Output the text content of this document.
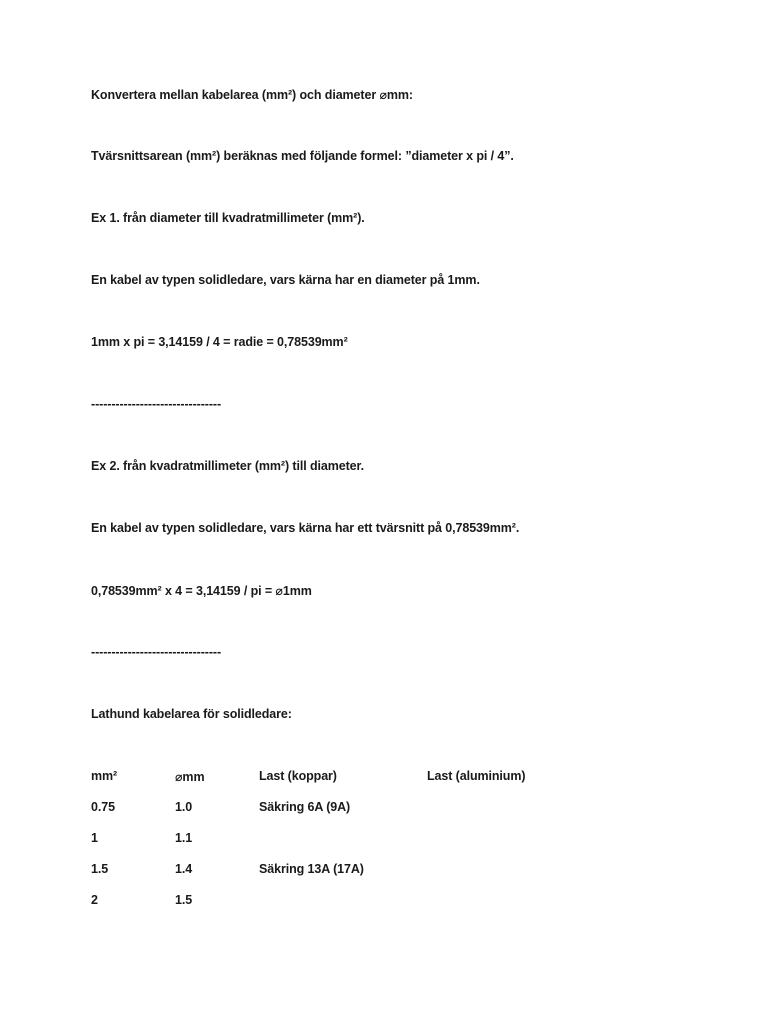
Konvertera mellan kabelarea (mm²) och diameter ⌀mm:
Tvärsnittsarean (mm²) beräknas med följande formel: ”diameter x pi / 4”.
Ex 1. från diameter till kvadratmillimeter (mm²).
En kabel av typen solidledare, vars kärna har en diameter på 1mm.
1mm x pi = 3,14159 / 4 = radie = 0,78539mm²
--------------------------------
Ex 2. från kvadratmillimeter (mm²) till diameter.
En kabel av typen solidledare, vars kärna har ett tvärsnitt på 0,78539mm².
0,78539mm² x 4 = 3,14159 / pi = ⌀1mm
--------------------------------
Lathund kabelarea för solidledare:
mm²	⌀mm	Last (koppar)	Last (aluminium)
0.75	1.0	Säkring 6A (9A)
1	1.1
1.5	1.4	Säkring 13A (17A)
2	1.5
